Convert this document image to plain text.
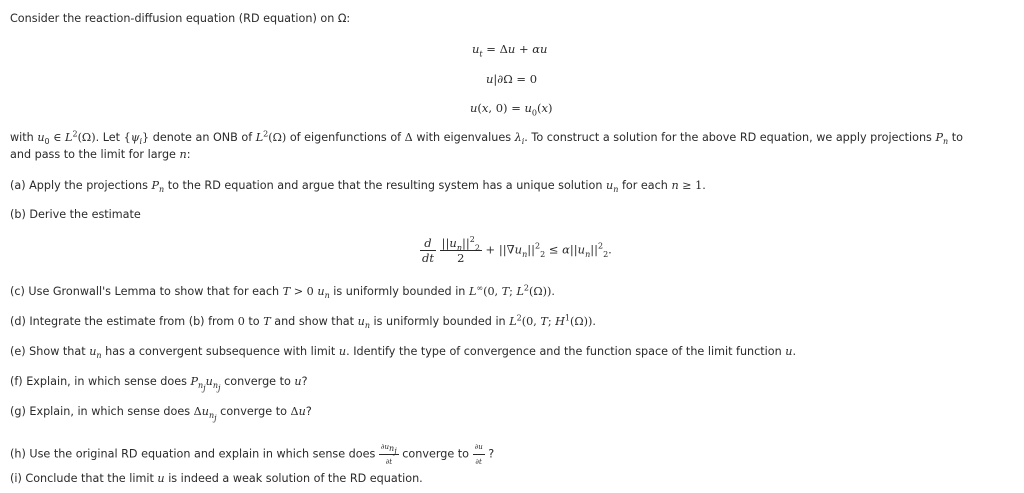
Consider the reaction-diffusion equation (RD equation) on Ω:
$u_t = \Delta u + \alpha u$
u|∂Ω = 0
u(x, $0) = u_0(x)$
with $u_0$ ∈ $L^2(\Omega)$. Let $\{\psi_i\}$ denote an ONB of $L^2(\Omega)$ of eigenfunctions of Δ with eigenvalues $\lambda_i$. To construct a solution for the above RD equation, we apply projections $P_n$ to
and pass to the limit for large n:
(a) Apply the projections $P_n$ to the RD equation and argue that the resulting system has a unique solution $u_n$ for each n ≥ 1.
(b) Derive the estimate
$\frac{d}{dt}$
$\frac{||u_n||^2_2}{2} + ||\nabla u_n||^2_2 \le \alpha||u_n||^2_2$.
(c) Use Gronwall's Lemma to show that for each T > 0 $u_n$ is uniformly bounded in L∞(0, T; $L^2(\Omega)$).
(d) Integrate the estimate from (b) from 0 to T and show that $u_n$ is uniformly bounded in $L^2(0$, T; $H^1(\Omega)$).
(e) Show that $u_n$ has a convergent subsequence with limit u. Identify the type of convergence and the function space of the limit function u.
(f) Explain, in which sense does $P_{n_j}u_{n_j}$ converge to u?
(g) Explain, in which sense does $\Delta u_{n_j}$ converge to Δu?
(h) Use the original RD equation and explain in which sense does $\frac{\partial u_{n_j}}{\partial t}$ converge to $\frac{\partial u}{\partial t}$ ?
(i) Conclude that the limit u is indeed a weak solution of the RD equation.
